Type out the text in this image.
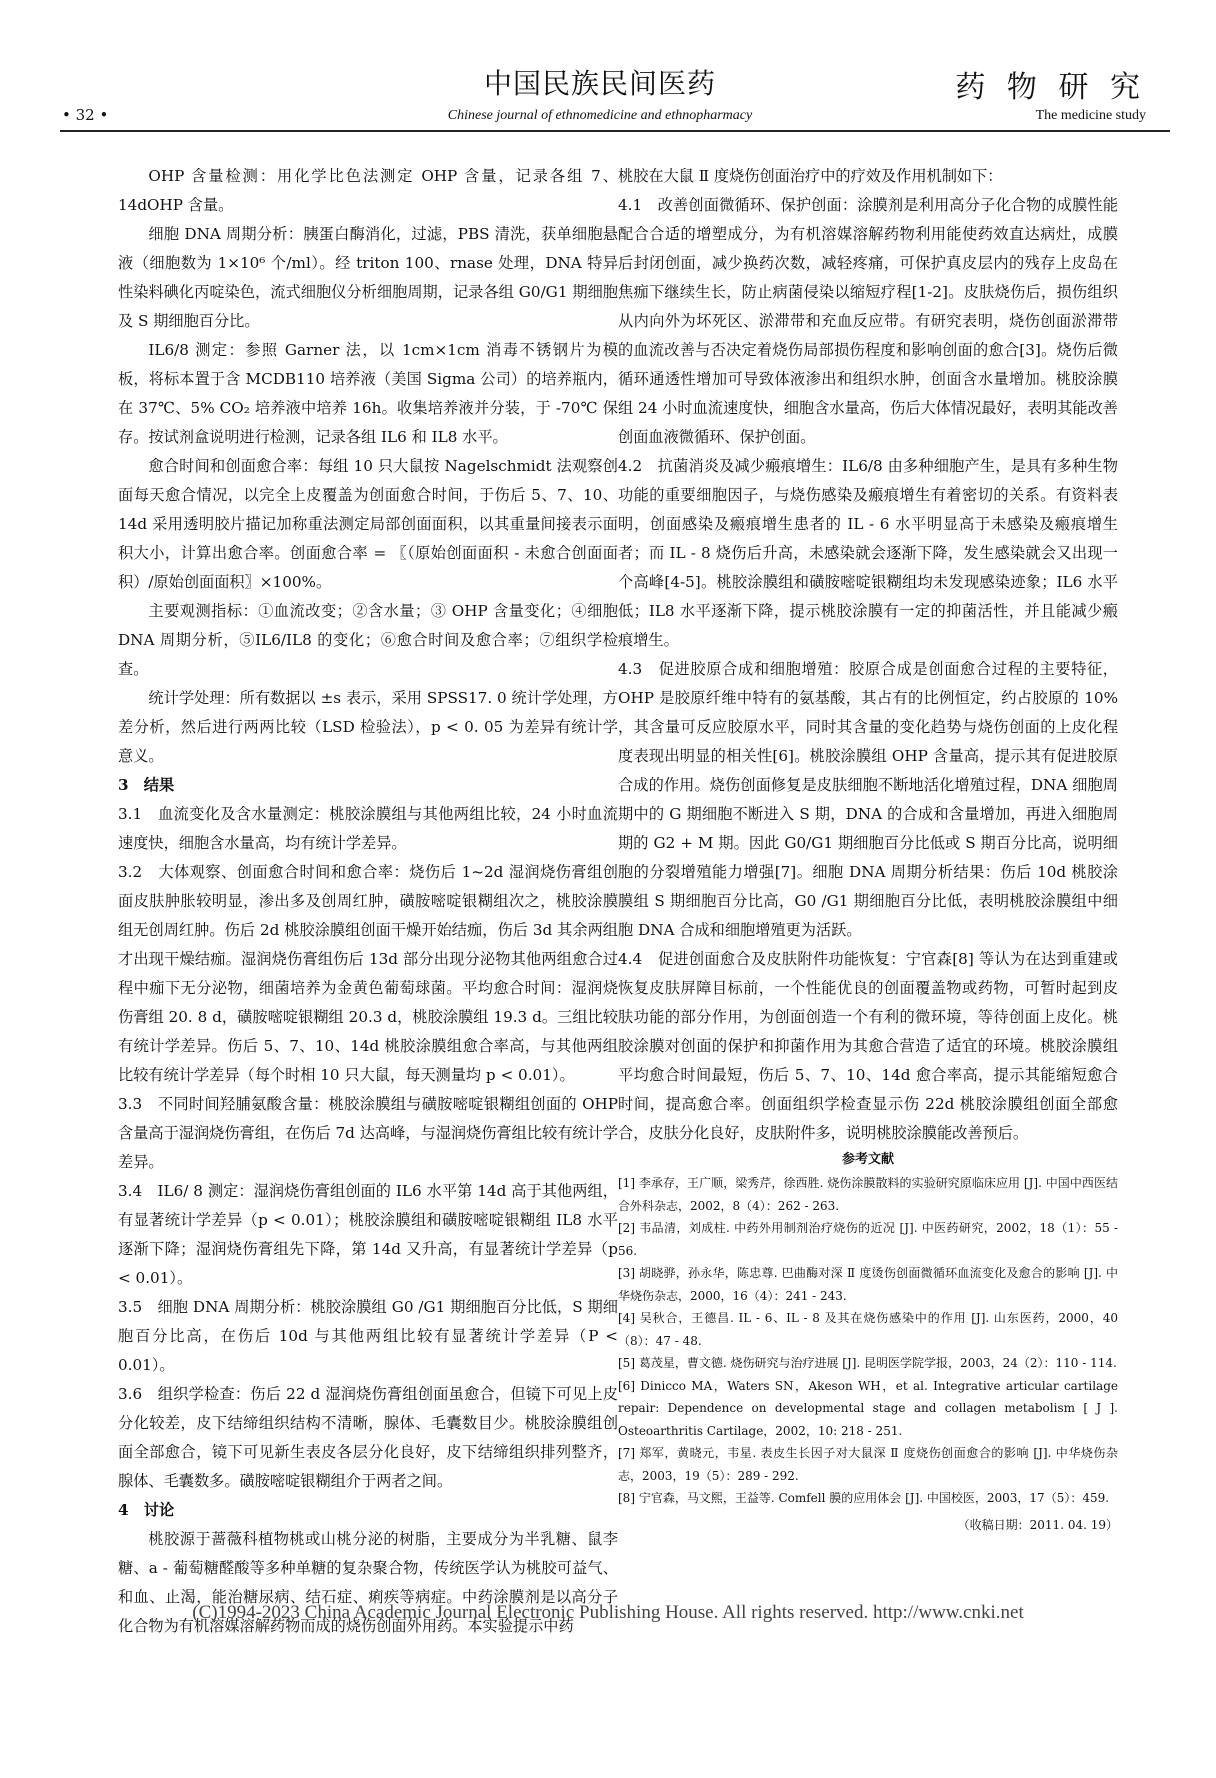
中国民族民间医药	药 物 研 究
• 32 •	Chinese journal of ethnomedicine and ethnopharmacy	The medicine study

OHP 含量检测：用化学比色法测定 OHP 含量，记录各组 7、14dOHP 含量。

细胞 DNA 周期分析：胰蛋白酶消化，过滤，PBS 清洗，获单细胞悬液（细胞数为 1×10⁶ 个/ml）。经 triton 100、rnase 处理，DNA 特异性染料碘化丙啶染色，流式细胞仪分析细胞周期，记录各组 G0/G1 期细胞及 S 期细胞百分比。

IL6/8 测定：参照 Garner 法，以 1cm×1cm 消毒不锈钢片为模板，将标本置于含 MCDB110 培养液（美国 Sigma 公司）的培养瓶内，在 37℃、5% CO₂ 培养液中培养 16h。收集培养液并分装，于 -70℃ 保存。按试剂盒说明进行检测，记录各组 IL6 和 IL8 水平。

愈合时间和创面愈合率：每组 10 只大鼠按 Nagelschmidt 法观察创面每天愈合情况，以完全上皮覆盖为创面愈合时间，于伤后 5、7、10、14d 采用透明胶片描记加称重法测定局部创面面积，以其重量间接表示面积大小，计算出愈合率。创面愈合率 = 〖（原始创面面积 - 未愈合创面面积）/原始创面面积〗×100%。

主要观测指标：①血流改变；②含水量；③ OHP 含量变化；④细胞 DNA 周期分析，⑤IL6/IL8 的变化；⑥愈合时间及愈合率；⑦组织学检查。

统计学处理：所有数据以 ±s 表示，采用 SPSS17. 0 统计学处理，方差分析，然后进行两两比较（LSD 检验法），p < 0. 05 为差异有统计学意义。

3　结果

3.1　血流变化及含水量测定：桃胶涂膜组与其他两组比较，24 小时血流速度快，细胞含水量高，均有统计学差异。

3.2　大体观察、创面愈合时间和愈合率：烧伤后 1~2d 湿润烧伤膏组创面皮肤肿胀较明显，渗出多及创周红肿，磺胺嘧啶银糊组次之，桃胶涂膜组无创周红肿。伤后 2d 桃胶涂膜组创面干燥开始结痂，伤后 3d 其余两组才出现干燥结痂。湿润烧伤膏组伤后 13d 部分出现分泌物其他两组愈合过程中痂下无分泌物，细菌培养为金黄色葡萄球菌。平均愈合时间：湿润烧伤膏组 20. 8 d，磺胺嘧啶银糊组 20.3 d，桃胶涂膜组 19.3 d。三组比较有统计学差异。伤后 5、7、10、14d 桃胶涂膜组愈合率高，与其他两组比较有统计学差异（每个时相 10 只大鼠，每天测量均 p < 0.01）。

3.3　不同时间羟脯氨酸含量：桃胶涂膜组与磺胺嘧啶银糊组创面的 OHP 含量高于湿润烧伤膏组，在伤后 7d 达高峰，与湿润烧伤膏组比较有统计学差异。

3.4　IL6/ 8 测定：湿润烧伤膏组创面的 IL6 水平第 14d 高于其他两组，有显著统计学差异（p < 0.01）；桃胶涂膜组和磺胺嘧啶银糊组 IL8 水平逐渐下降；湿润烧伤膏组先下降，第 14d 又升高，有显著统计学差异（p < 0.01）。

3.5　细胞 DNA 周期分析：桃胶涂膜组 G0 /G1 期细胞百分比低，S 期细胞百分比高，在伤后 10d 与其他两组比较有显著统计学差异（P < 0.01）。

3.6　组织学检查：伤后 22 d 湿润烧伤膏组创面虽愈合，但镜下可见上皮分化较差，皮下结缔组织结构不清晰，腺体、毛囊数目少。桃胶涂膜组创面全部愈合，镜下可见新生表皮各层分化良好，皮下结缔组织排列整齐，腺体、毛囊数多。磺胺嘧啶银糊组介于两者之间。

4　讨论

桃胶源于蔷薇科植物桃或山桃分泌的树脂，主要成分为半乳糖、鼠李糖、a - 葡萄糖醛酸等多种单糖的复杂聚合物，传统医学认为桃胶可益气、和血、止渴，能治糖尿病、结石症、痢疾等病症。中药涂膜剂是以高分子化合物为有机溶媒溶解药物而成的烧伤创面外用药。本实验提示中药

桃胶在大鼠 Ⅱ 度烧伤创面治疗中的疗效及作用机制如下：

4.1　改善创面微循环、保护创面：涂膜剂是利用高分子化合物的成膜性能配合合适的增塑成分，为有机溶媒溶解药物利用能使药效直达病灶，成膜后封闭创面，减少换药次数，减轻疼痛，可保护真皮层内的残存上皮岛在焦痂下继续生长，防止病菌侵染以缩短疗程[1-2]。皮肤烧伤后，损伤组织从内向外为坏死区、淤滞带和充血反应带。有研究表明，烧伤创面淤滞带的血流改善与否决定着烧伤局部损伤程度和影响创面的愈合[3]。烧伤后微循环通透性增加可导致体液渗出和组织水肿，创面含水量增加。桃胶涂膜组 24 小时血流速度快，细胞含水量高，伤后大体情况最好，表明其能改善创面血液微循环、保护创面。

4.2　抗菌消炎及减少瘢痕增生：IL6/8 由多种细胞产生，是具有多种生物功能的重要细胞因子，与烧伤感染及瘢痕增生有着密切的关系。有资料表明，创面感染及瘢痕增生患者的 IL - 6 水平明显高于未感染及瘢痕增生者；而 IL - 8 烧伤后升高，未感染就会逐渐下降，发生感染就会又出现一个高峰[4-5]。桃胶涂膜组和磺胺嘧啶银糊组均未发现感染迹象；IL6 水平低；IL8 水平逐渐下降，提示桃胶涂膜有一定的抑菌活性，并且能减少瘢痕增生。

4.3　促进胶原合成和细胞增殖：胶原合成是创面愈合过程的主要特征，OHP 是胶原纤维中特有的氨基酸，其占有的比例恒定，约占胶原的 10% ，其含量可反应胶原水平，同时其含量的变化趋势与烧伤创面的上皮化程度表现出明显的相关性[6]。桃胶涂膜组 OHP 含量高，提示其有促进胶原合成的作用。烧伤创面修复是皮肤细胞不断地活化增殖过程，DNA 细胞周期中的 G 期细胞不断进入 S 期，DNA 的合成和含量增加，再进入细胞周期的 G2 + M 期。因此 G0/G1 期细胞百分比低或 S 期百分比高，说明细胞的分裂增殖能力增强[7]。细胞 DNA 周期分析结果：伤后 10d 桃胶涂膜组 S 期细胞百分比高，G0 /G1 期细胞百分比低，表明桃胶涂膜组中细胞 DNA 合成和细胞增殖更为活跃。

4.4　促进创面愈合及皮肤附件功能恢复：宁官森[8] 等认为在达到重建或恢复皮肤屏障目标前，一个性能优良的创面覆盖物或药物，可暂时起到皮肤功能的部分作用，为创面创造一个有利的微环境，等待创面上皮化。桃胶涂膜对创面的保护和抑菌作用为其愈合营造了适宜的环境。桃胶涂膜组平均愈合时间最短，伤后 5、7、10、14d 愈合率高，提示其能缩短愈合时间，提高愈合率。创面组织学检查显示伤 22d 桃胶涂膜组创面全部愈合，皮肤分化良好，皮肤附件多，说明桃胶涂膜能改善预后。

参考文献

[1] 李承存，王广顺，梁秀芹，徐西胜. 烧伤涂膜散料的实验研究原临床应用 [J]. 中国中西医结合外科杂志，2002，8（4）：262 - 263.

[2] 韦品清，刘成柱. 中药外用制剂治疗烧伤的近况 [J]. 中医药研究，2002，18（1）：55 - 56.

[3] 胡晓骅，孙永华，陈忠尊. 巴曲酶对深 Ⅱ 度烫伤创面微循环血流变化及愈合的影响 [J]. 中华烧伤杂志，2000，16（4）：241 - 243.

[4] 吴秋合，王德昌. IL - 6、IL - 8 及其在烧伤感染中的作用 [J]. 山东医药，2000，40（8）：47 - 48.

[5] 葛茂星，曹文德. 烧伤研究与治疗进展 [J]. 昆明医学院学报，2003，24（2）：110 - 114.

[6] Dinicco MA，Waters SN，Akeson WH，et al. Integrative articular cartilage repair: Dependence on developmental stage and collagen metabolism [ J ]. Osteoarthritis Cartilage，2002，10: 218 - 251.

[7] 郑军，黄晓元，韦星. 表皮生长因子对大鼠深 Ⅱ 度烧伤创面愈合的影响 [J]. 中华烧伤杂志，2003，19（5）：289 - 292.

[8] 宁官森，马文熙，王益等. Comfell 膜的应用体会 [J]. 中国校医，2003，17（5）：459.

（收稿日期：2011. 04. 19）

(C)1994-2023 China Academic Journal Electronic Publishing House. All rights reserved. http://www.cnki.net
